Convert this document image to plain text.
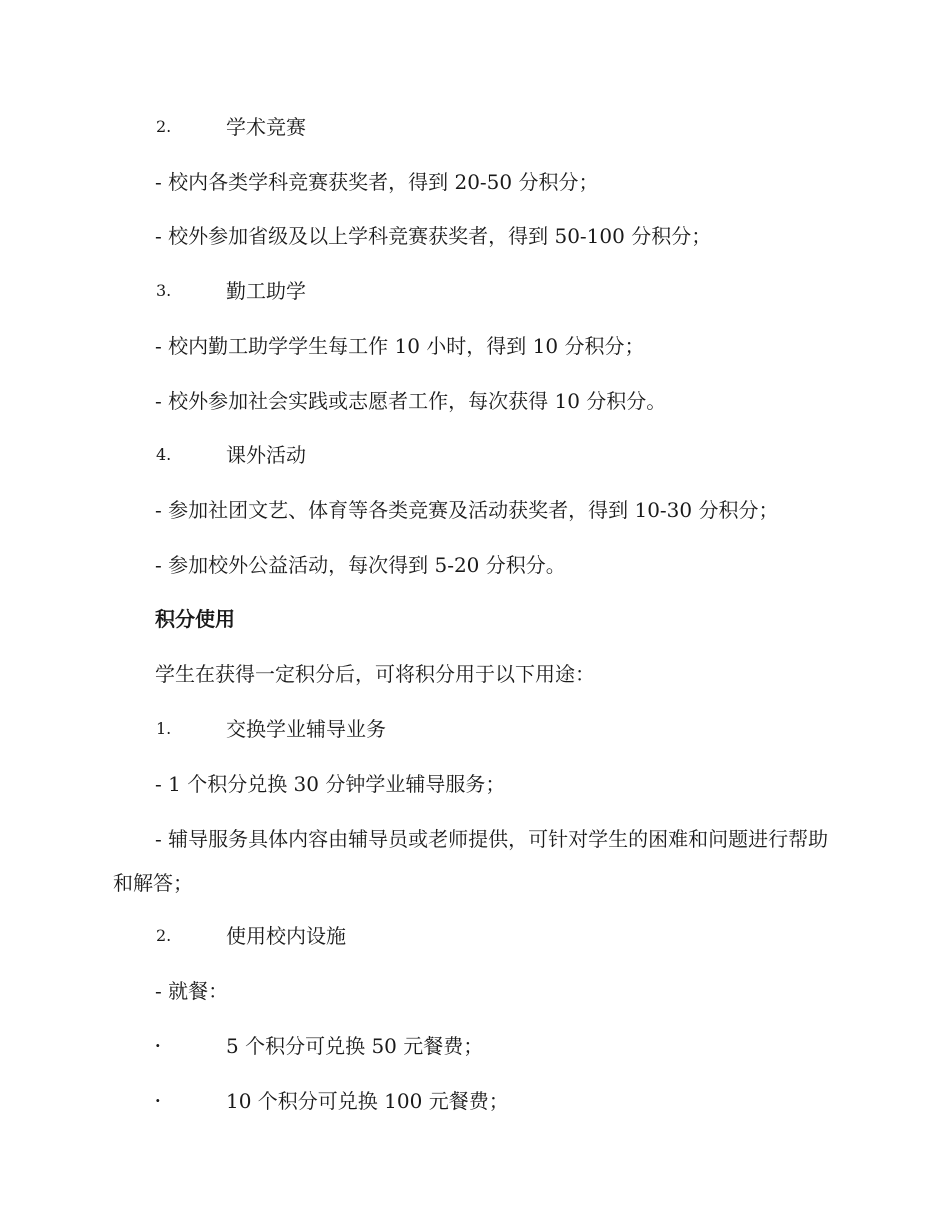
2.	学术竞赛
- 校内各类学科竞赛获奖者，得到 20-50 分积分；
- 校外参加省级及以上学科竞赛获奖者，得到 50-100 分积分；
3.	勤工助学
- 校内勤工助学学生每工作 10 小时，得到 10 分积分；
- 校外参加社会实践或志愿者工作，每次获得 10 分积分。
4.	课外活动
- 参加社团文艺、体育等各类竞赛及活动获奖者，得到 10-30 分积分；
- 参加校外公益活动，每次得到 5-20 分积分。
积分使用
学生在获得一定积分后，可将积分用于以下用途：
1.	交换学业辅导业务
- 1 个积分兑换 30 分钟学业辅导服务；
- 辅导服务具体内容由辅导员或老师提供，可针对学生的困难和问题进行帮助和解答；
2.	使用校内设施
- 就餐：
·	5 个积分可兑换 50 元餐费；
·	10 个积分可兑换 100 元餐费；
